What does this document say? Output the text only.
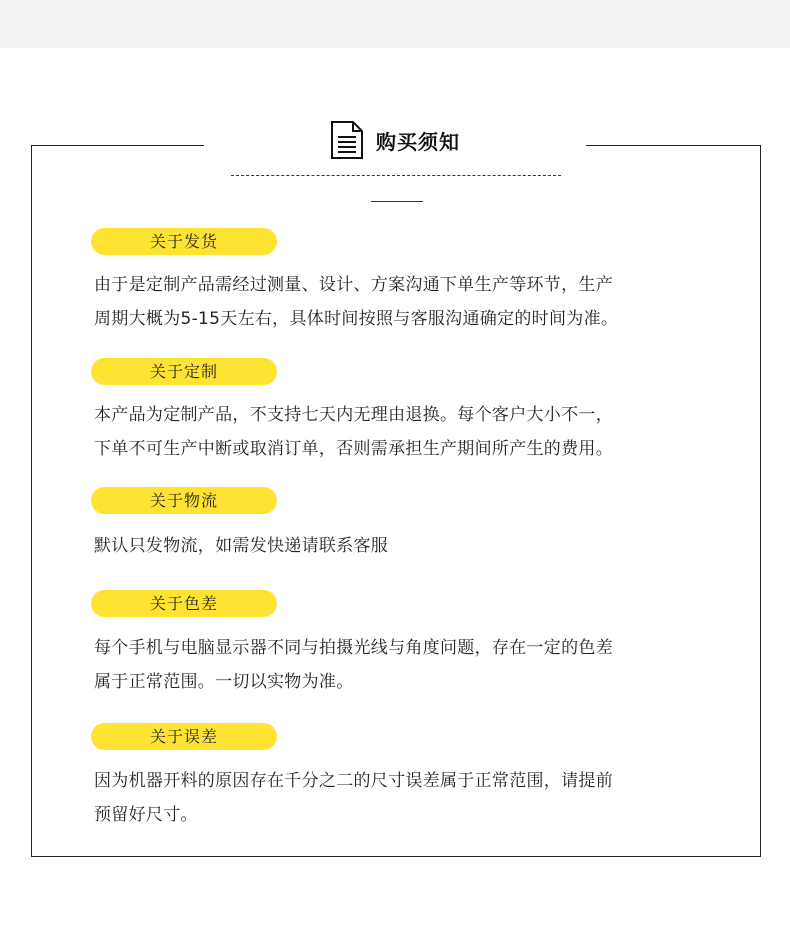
购买须知
关于发货

由于是定制产品需经过测量、设计、方案沟通下单生产等环节，生产

周期大概为5-15天左右，具体时间按照与客服沟通确定的时间为准。

关于定制

本产品为定制产品，不支持七天内无理由退换。每个客户大小不一，

下单不可生产中断或取消订单，否则需承担生产期间所产生的费用。

关于物流

默认只发物流，如需发快递请联系客服

关于色差

每个手机与电脑显示器不同与拍摄光线与角度问题，存在一定的色差

属于正常范围。一切以实物为准。

关于误差

因为机器开料的原因存在千分之二的尺寸误差属于正常范围，请提前

预留好尺寸。
